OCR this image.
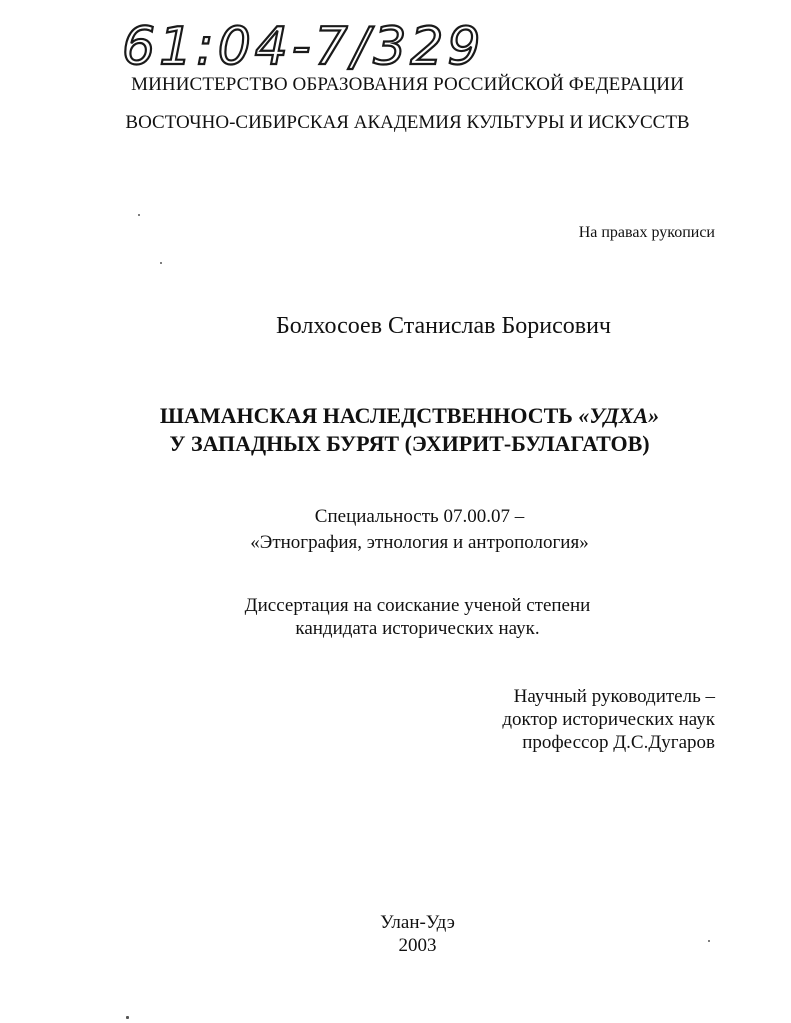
61:04-7/329
МИНИСТЕРСТВО ОБРАЗОВАНИЯ РОССИЙСКОЙ ФЕДЕРАЦИИ
ВОСТОЧНО-СИБИРСКАЯ АКАДЕМИЯ КУЛЬТУРЫ И ИСКУССТВ
На правах рукописи
Болхосоев Станислав Борисович
ШАМАНСКАЯ НАСЛЕДСТВЕННОСТЬ «УДХА»
У ЗАПАДНЫХ БУРЯТ (ЭХИРИТ-БУЛАГАТОВ)
Специальность 07.00.07 –
«Этнография, этнология и антропология»
Диссертация на соискание ученой степени
кандидата исторических наук.
Научный руководитель –
доктор исторических наук
профессор Д.С.Дугаров
Улан-Удэ
2003
